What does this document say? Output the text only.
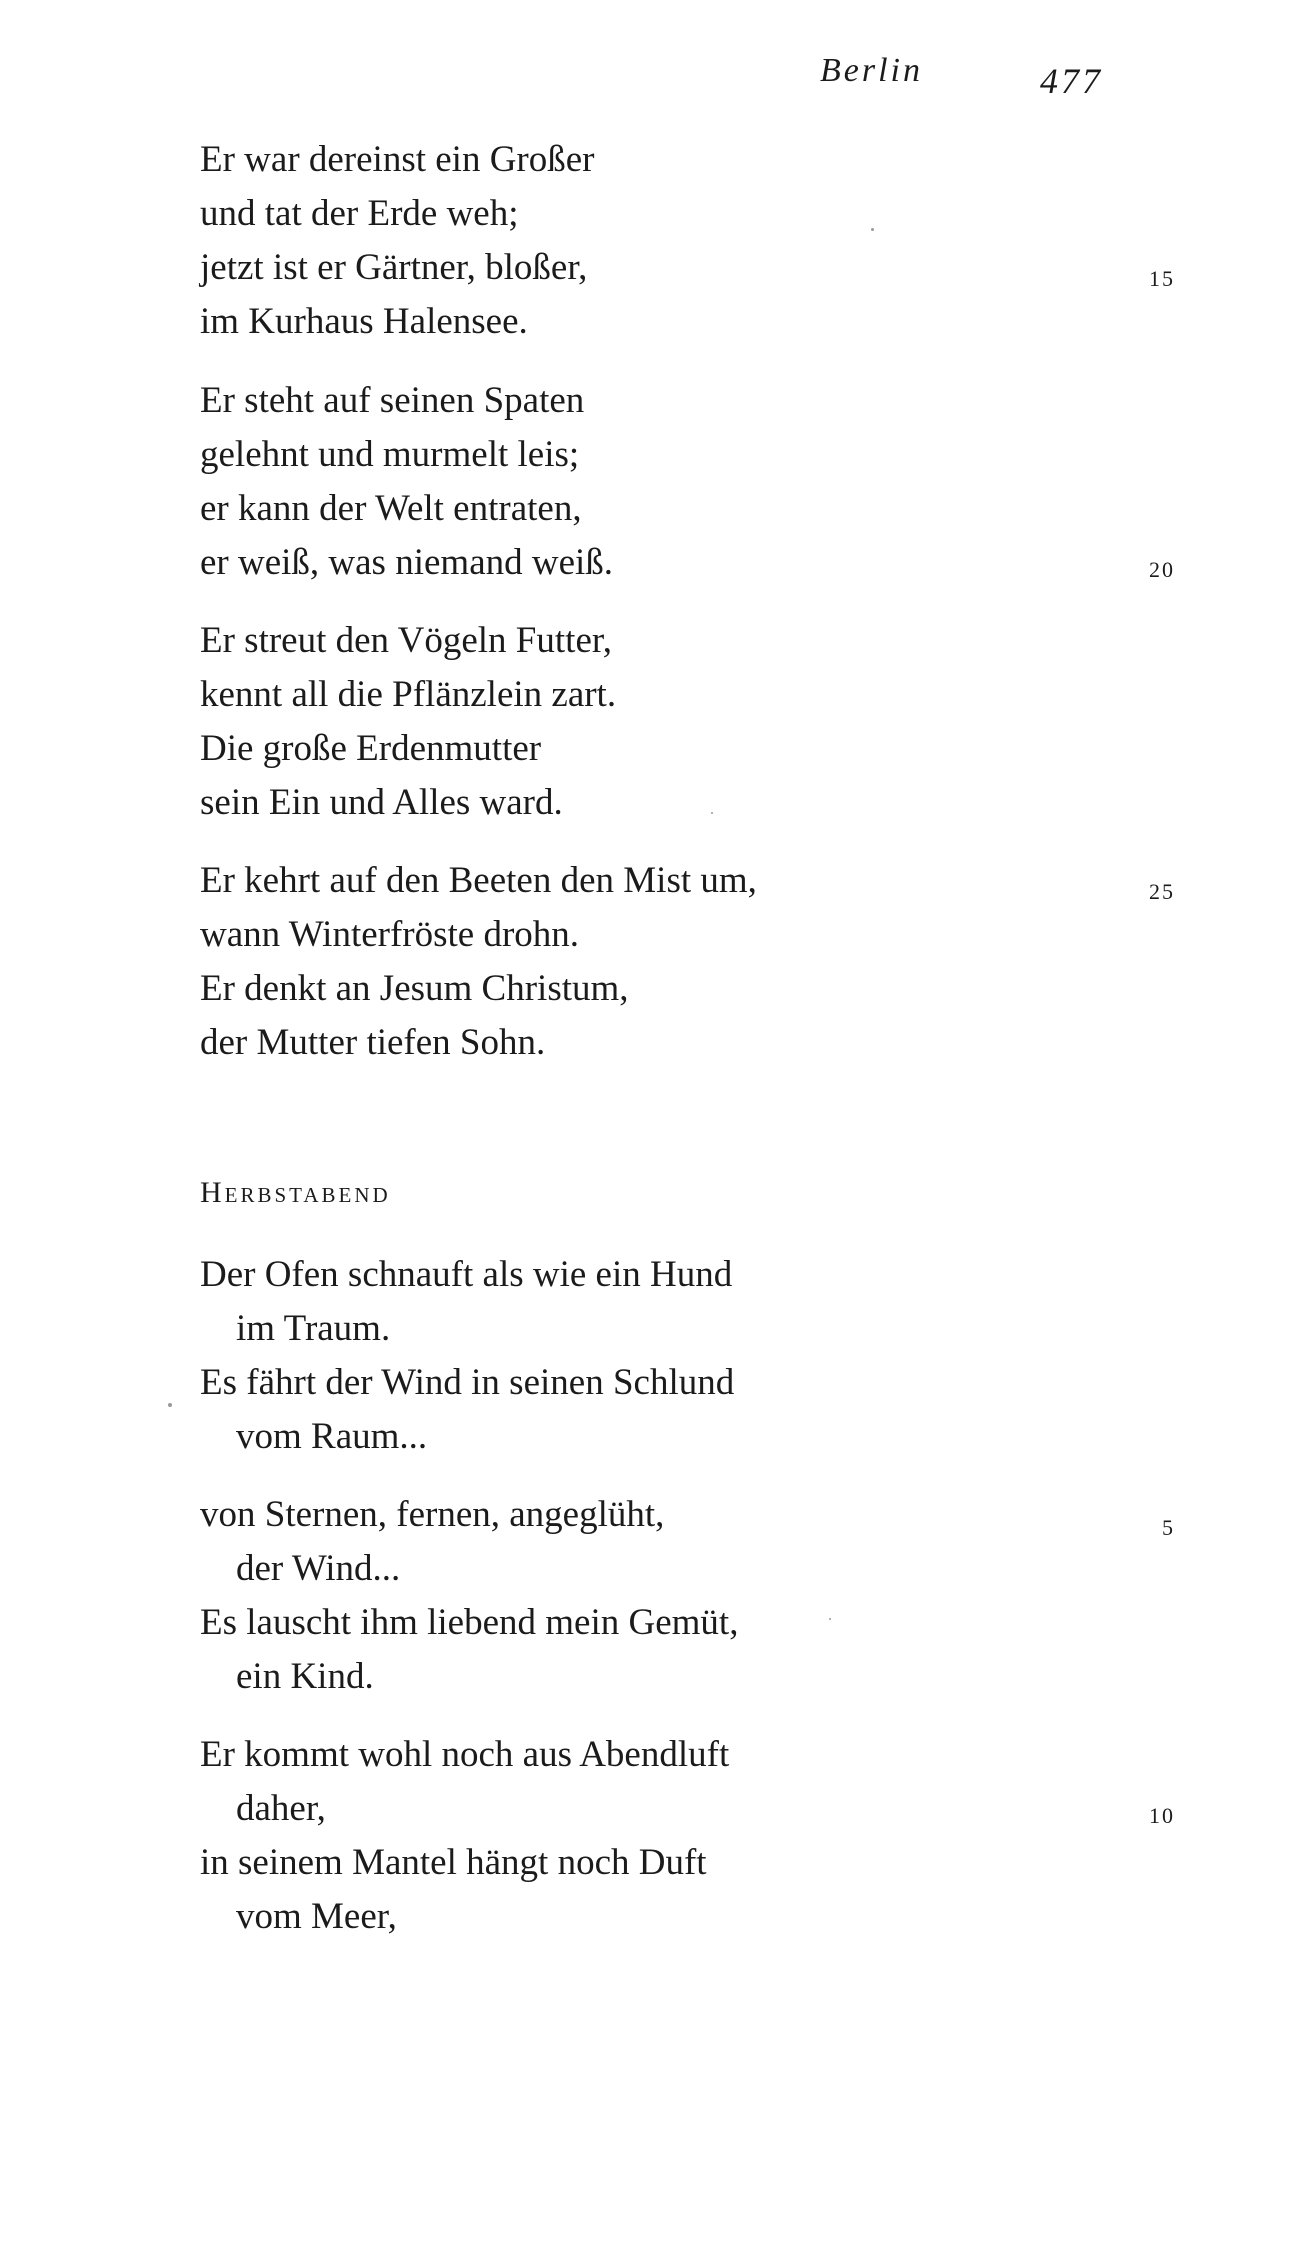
Berlin	477
Er war dereinst ein Großer
und tat der Erde weh;
jetzt ist er Gärtner, bloßer,	15
im Kurhaus Halensee.
Er steht auf seinen Spaten
gelehnt und murmelt leis;
er kann der Welt entraten,
er weiß, was niemand weiß.	20
Er streut den Vögeln Futter,
kennt all die Pflänzlein zart.
Die große Erdenmutter
sein Ein und Alles ward.
Er kehrt auf den Beeten den Mist um,	25
wann Winterfröste drohn.
Er denkt an Jesum Christum,
der Mutter tiefen Sohn.
Herbstabend
Der Ofen schnauft als wie ein Hund
im Traum.
Es fährt der Wind in seinen Schlund
vom Raum...
von Sternen, fernen, angeglüht,	5
der Wind...
Es lauscht ihm liebend mein Gemüt,
ein Kind.
Er kommt wohl noch aus Abendluft
daher,	10
in seinem Mantel hängt noch Duft
vom Meer,
